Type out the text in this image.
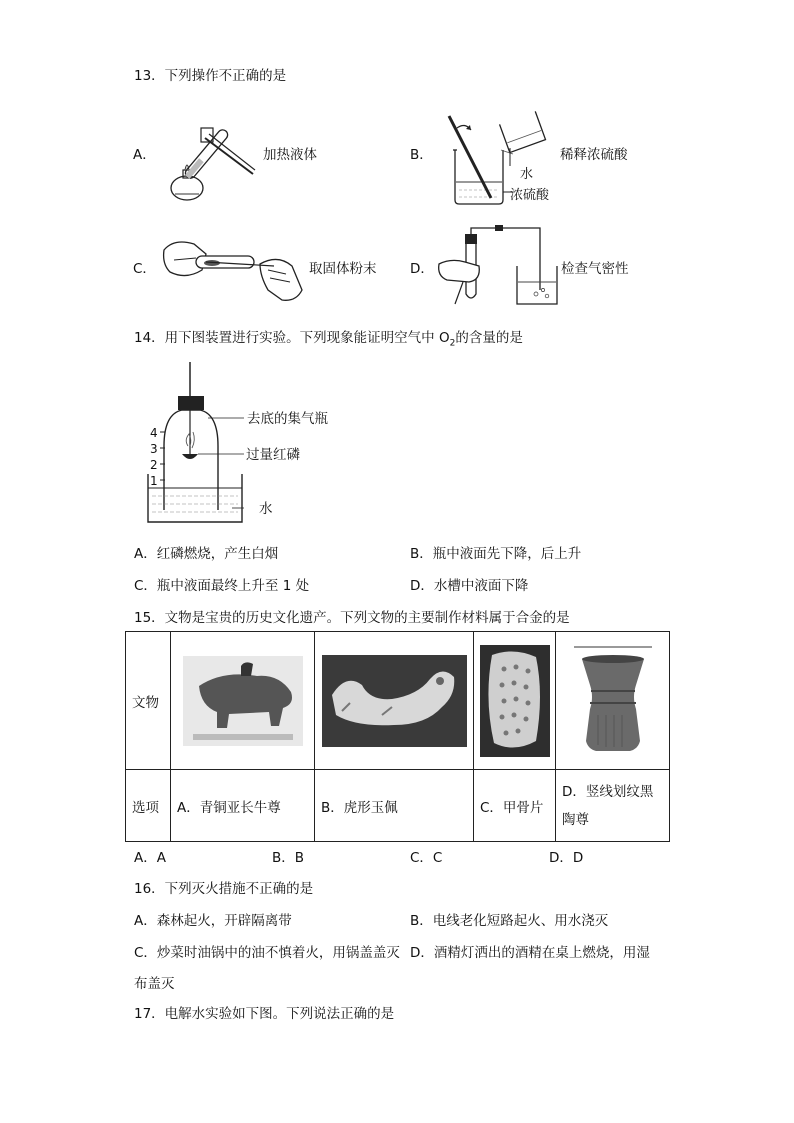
13．下列操作不正确的是
A．	加热液体	B．	稀释浓硫酸
水
浓硫酸
C．	取固体粉末 D．	检查气密性
14．用下图装置进行实验。下列现象能证明空气中 $O_2$的含量的是
4
3
2
1
去底的集气瓶
过量红磷
水
A．红磷燃烧，产生白烟	B．瓶中液面先下降，后上升
C．瓶中液面最终上升至 1 处	D．水槽中液面下降
15．文物是宝贵的历史文化遗产。下列文物的主要制作材料属于合金的是
文物	

选项	A．青铜亚长牛尊	B．虎形玉佩	C．甲骨片	D．竖线划纹黑
陶尊
A．A	B．B	C．C	D．D
16．下列灭火措施不正确的是
A．森林起火，开辟隔离带	B．电线老化短路起火、用水浇灭
C．炒菜时油锅中的油不慎着火，用锅盖盖灭 D．酒精灯洒出的酒精在桌上燃烧，用湿
布盖灭
17．电解水实验如下图。下列说法正确的是
